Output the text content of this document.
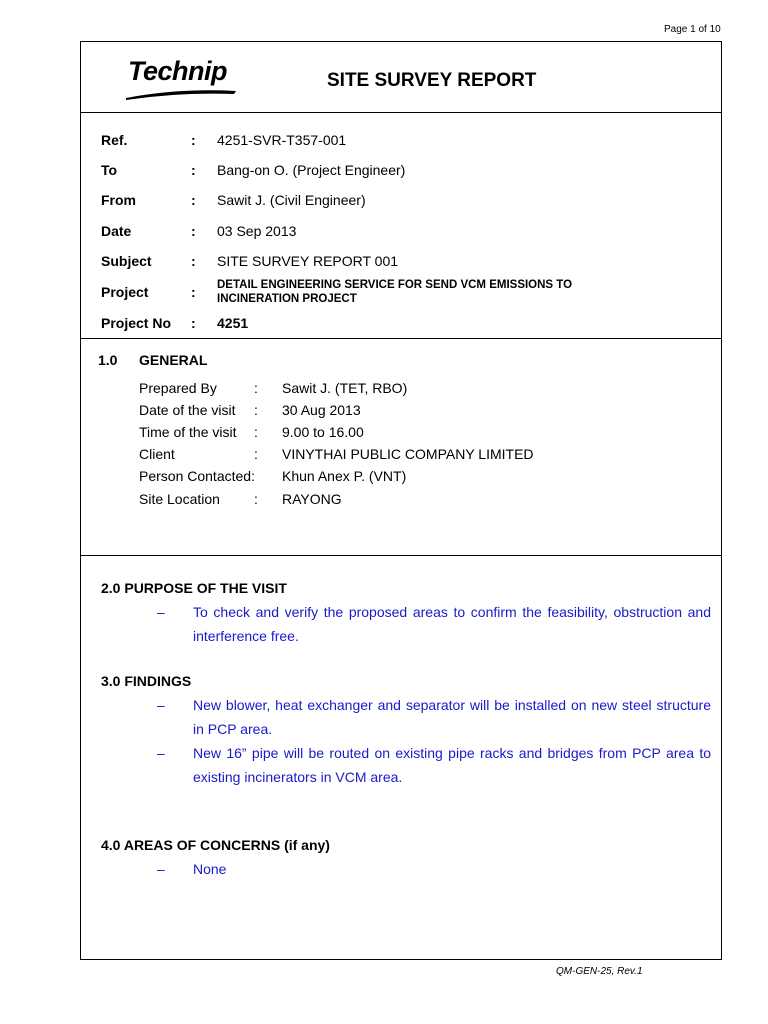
Page 1 of 10
Technip	SITE SURVEY REPORT
Ref.	: 4251-SVR-T357-001
To	: Bang-on O. (Project Engineer)
From	: Sawit J. (Civil Engineer)
Date	: 03 Sep 2013
Subject	: SITE SURVEY REPORT 001
Project	: DETAIL ENGINEERING SERVICE FOR SEND VCM EMISSIONS TO
INCINERATION PROJECT
Project No : 4251
1.0 GENERAL
Prepared By	: Sawit J. (TET, RBO)
Date of the visit : 30 Aug 2013
Time of the visit : 9.00 to 16.00
Client	: VINYTHAI PUBLIC COMPANY LIMITED
Person Contacted: Khun Anex P. (VNT)
Site Location : RAYONG
2.0 PURPOSE OF THE VISIT
– To check and verify the proposed areas to confirm the feasibility, obstruction and interference free.
3.0 FINDINGS
– New blower, heat exchanger and separator will be installed on new steel structure in PCP area.
– New 16” pipe will be routed on existing pipe racks and bridges from PCP area to existing incinerators in VCM area.
4.0 AREAS OF CONCERNS (if any)
– None
QM-GEN-25, Rev.1
